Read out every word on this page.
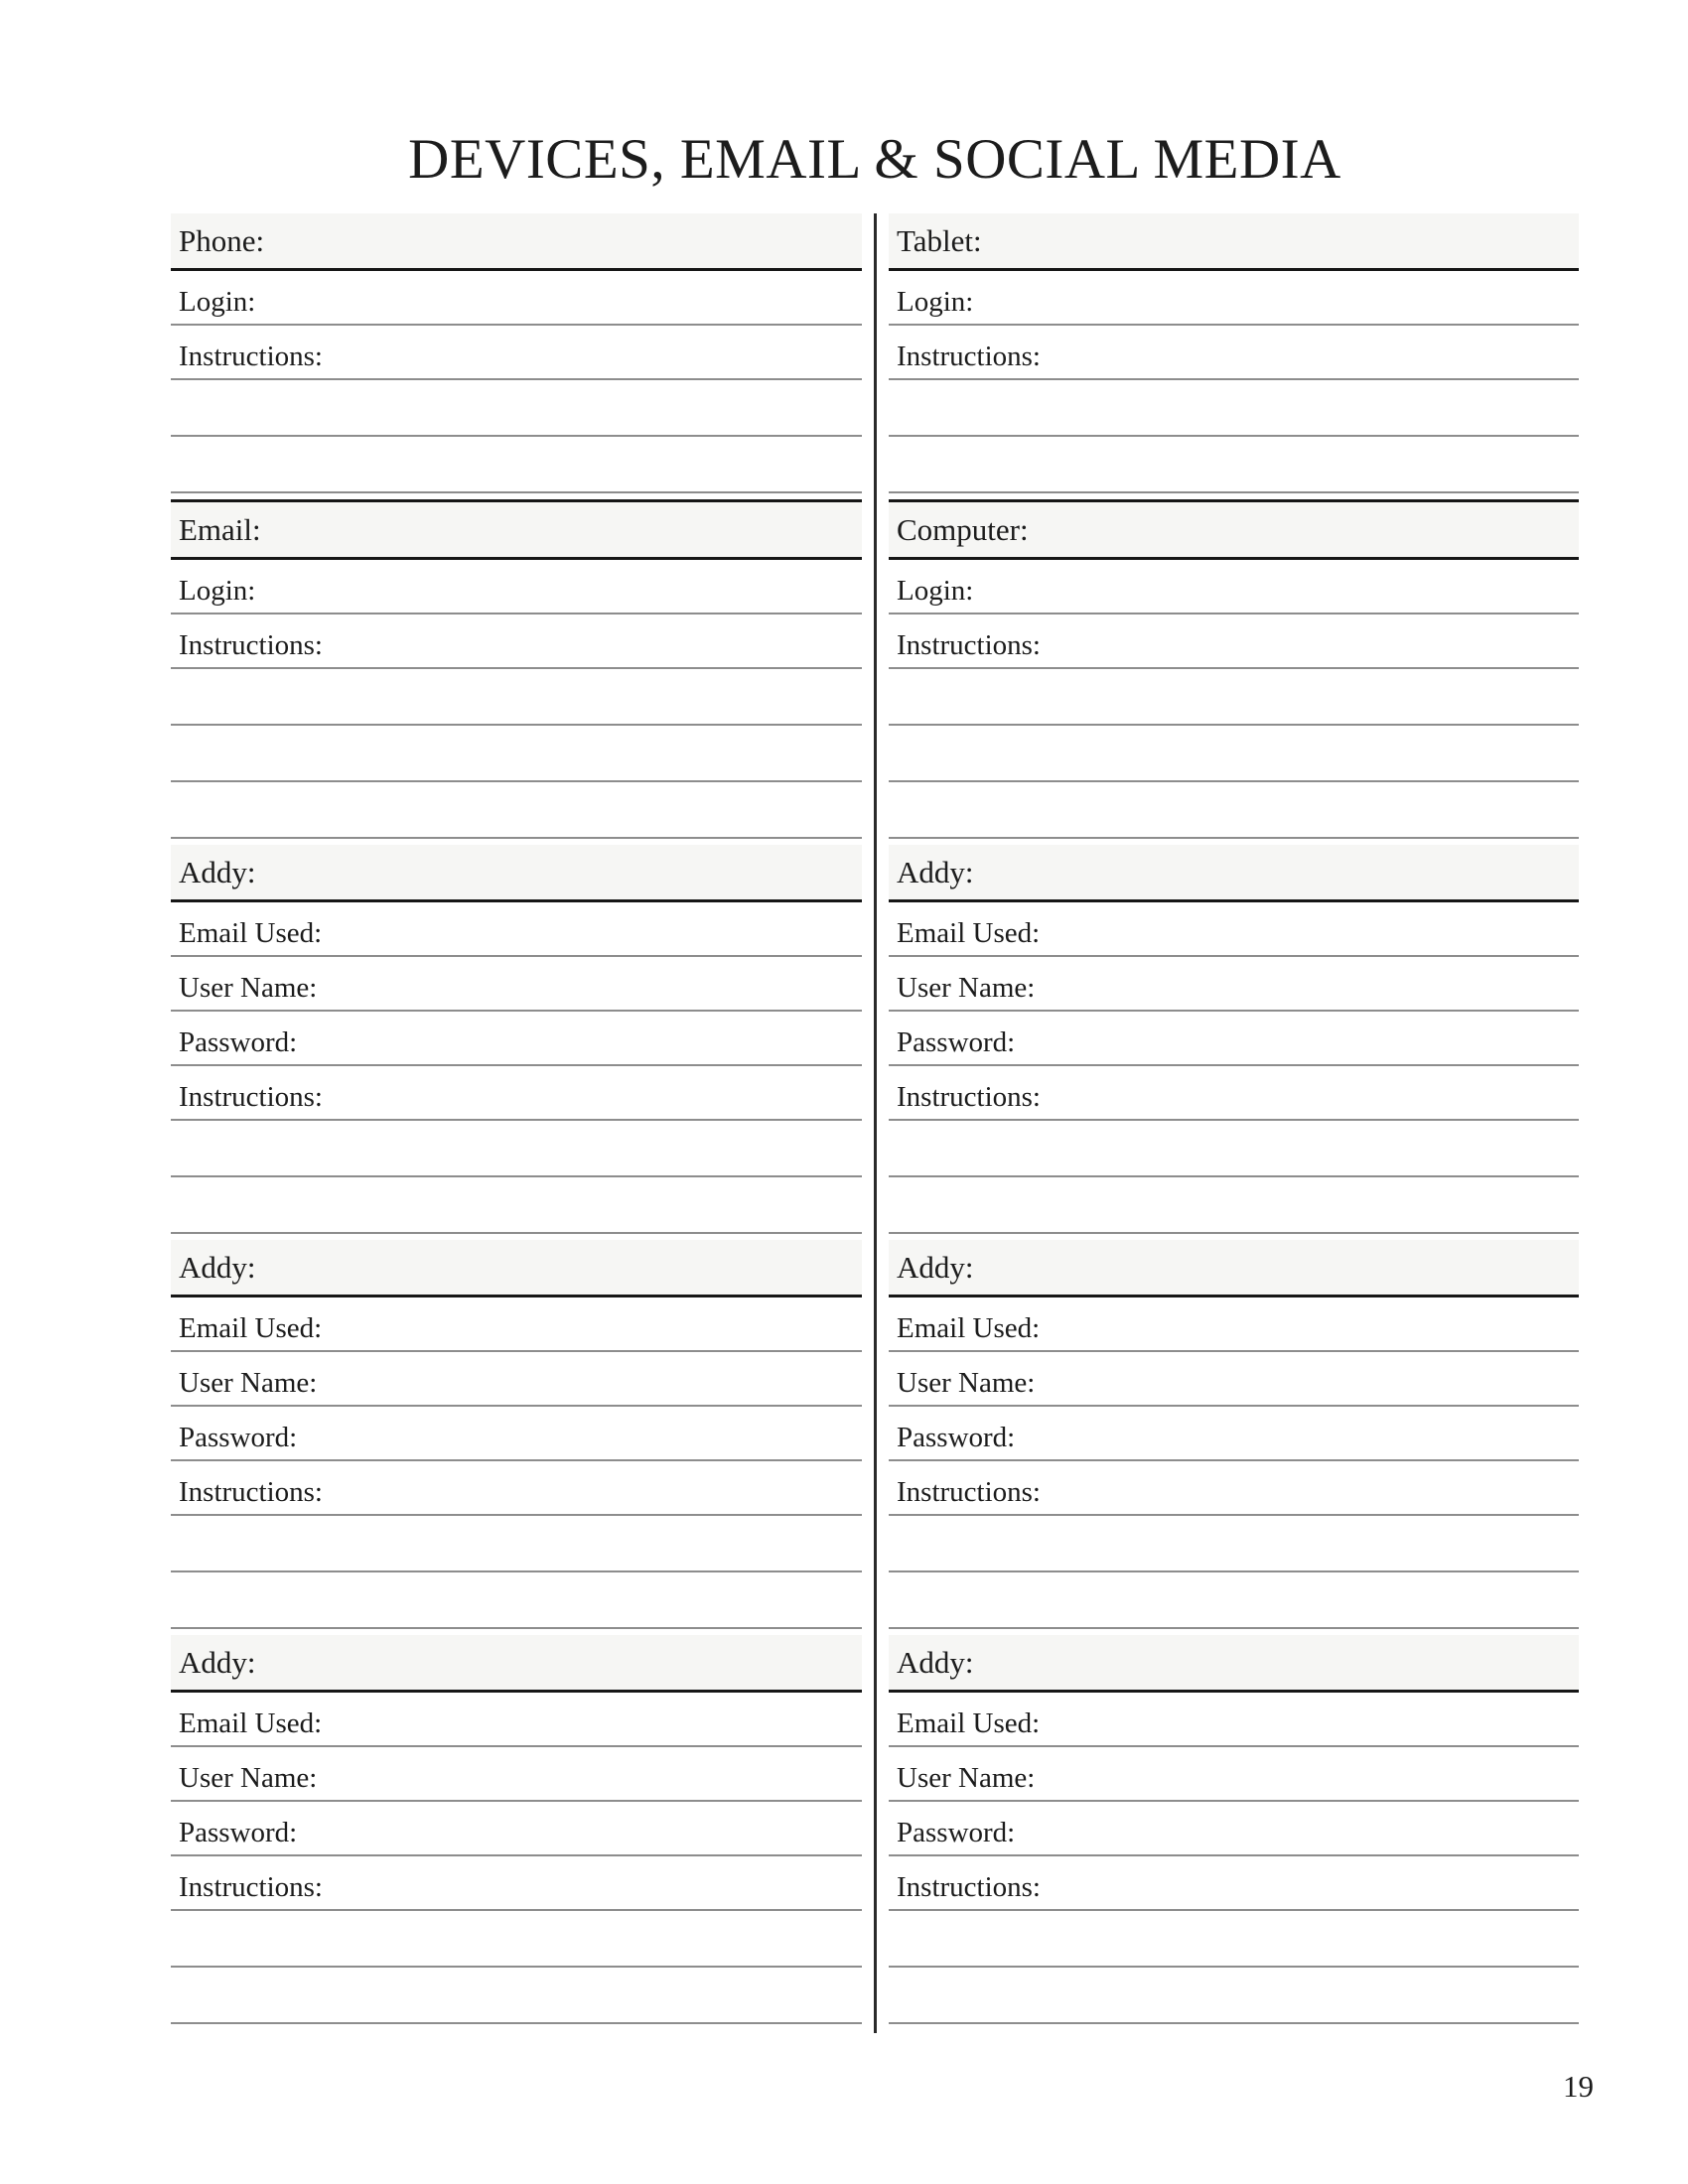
DEVICES, EMAIL & SOCIAL MEDIA
Phone:
Login:
Instructions:
Email:
Login:
Instructions:
Addy:
Email Used:
User Name:
Password:
Instructions:
Addy:
Email Used:
User Name:
Password:
Instructions:
Addy:
Email Used:
User Name:
Password:
Instructions:
Tablet:
Login:
Instructions:
Computer:
Login:
Instructions:
Addy:
Email Used:
User Name:
Password:
Instructions:
Addy:
Email Used:
User Name:
Password:
Instructions:
Addy:
Email Used:
User Name:
Password:
Instructions:
19
